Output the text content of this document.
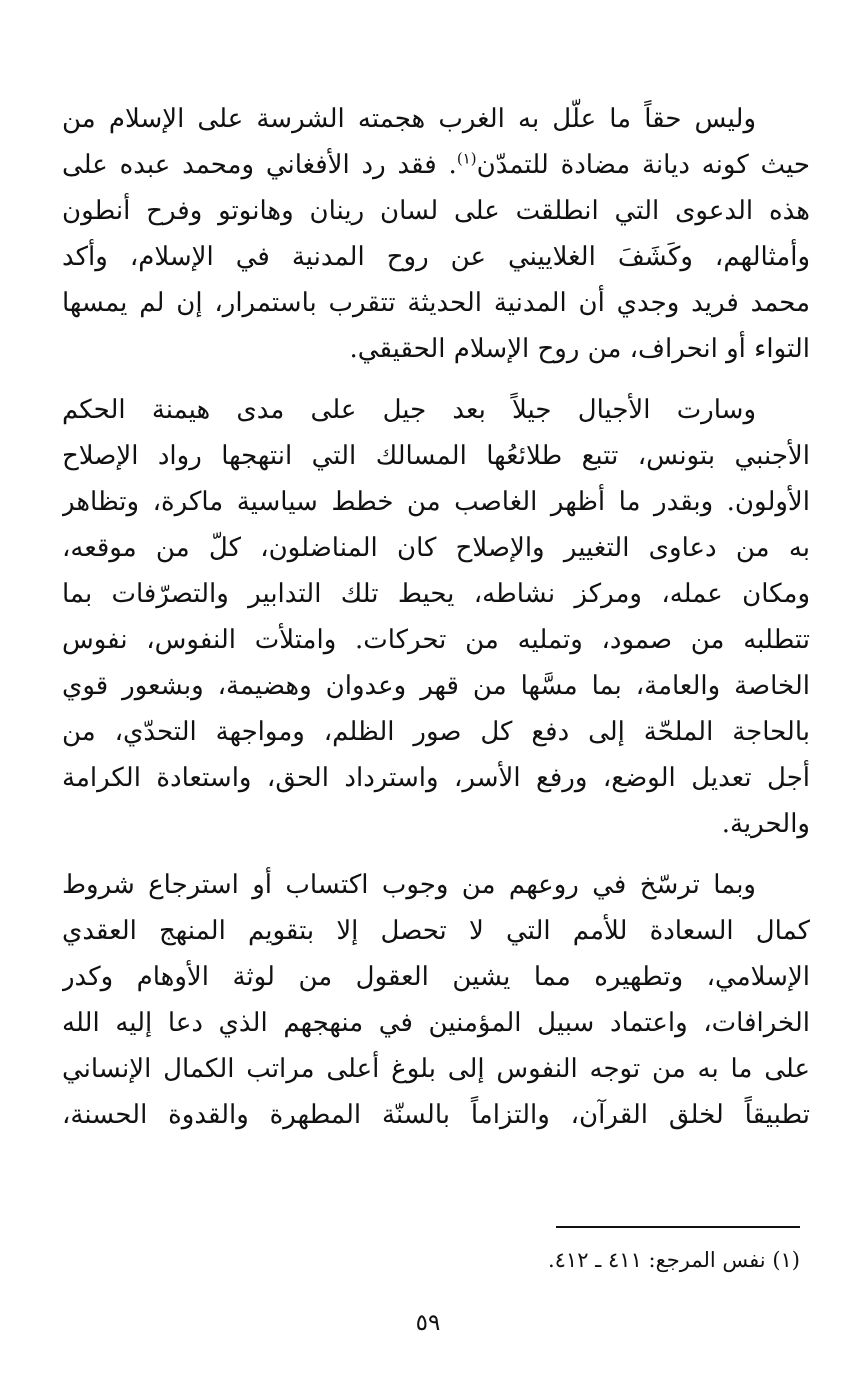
وليس حقاً ما علّل به الغرب هجمته الشرسة على الإسلام من
حيث كونه ديانة مضادة للتمدّن$^{(١)}$. فقد رد الأفغاني ومحمد عبده على
هذه الدعوى التي انطلقت على لسان رينان وهانوتو وفرح أنطون
وأمثالهم، وكَشَفَ الغلاييني عن روح المدنية في الإسلام، وأكد
محمد فريد وجدي أن المدنية الحديثة تتقرب باستمرار، إن لم يمسها
التواء أو انحراف، من روح الإسلام الحقيقي.
وسارت الأجيال جيلاً بعد جيل على مدى هيمنة الحكم
الأجنبي بتونس، تتبع طلائعُها المسالك التي انتهجها رواد الإصلاح
الأولون. وبقدر ما أظهر الغاصب من خطط سياسية ماكرة، وتظاهر
به من دعاوى التغيير والإصلاح كان المناضلون، كلّ من موقعه،
ومكان عمله، ومركز نشاطه، يحيط تلك التدابير والتصرّفات بما
تتطلبه من صمود، وتمليه من تحركات. وامتلأت النفوس، نفوس
الخاصة والعامة، بما مسَّها من قهر وعدوان وهضيمة، وبشعور قوي
بالحاجة الملحّة إلى دفع كل صور الظلم، ومواجهة التحدّي، من
أجل تعديل الوضع، ورفع الأسر، واسترداد الحق، واستعادة الكرامة
والحرية.
وبما ترسّخ في روعهم من وجوب اكتساب أو استرجاع شروط
كمال السعادة للأمم التي لا تحصل إلا بتقويم المنهج العقدي
الإسلامي، وتطهيره مما يشين العقول من لوثة الأوهام وكدر
الخرافات، واعتماد سبيل المؤمنين في منهجهم الذي دعا إليه الله
على ما به من توجه النفوس إلى بلوغ أعلى مراتب الكمال الإنساني
تطبيقاً لخلق القرآن، والتزاماً بالسنّة المطهرة والقدوة الحسنة،
(١) نفس المرجع: ٤١١ ـ ٤١٢.
٥٩
